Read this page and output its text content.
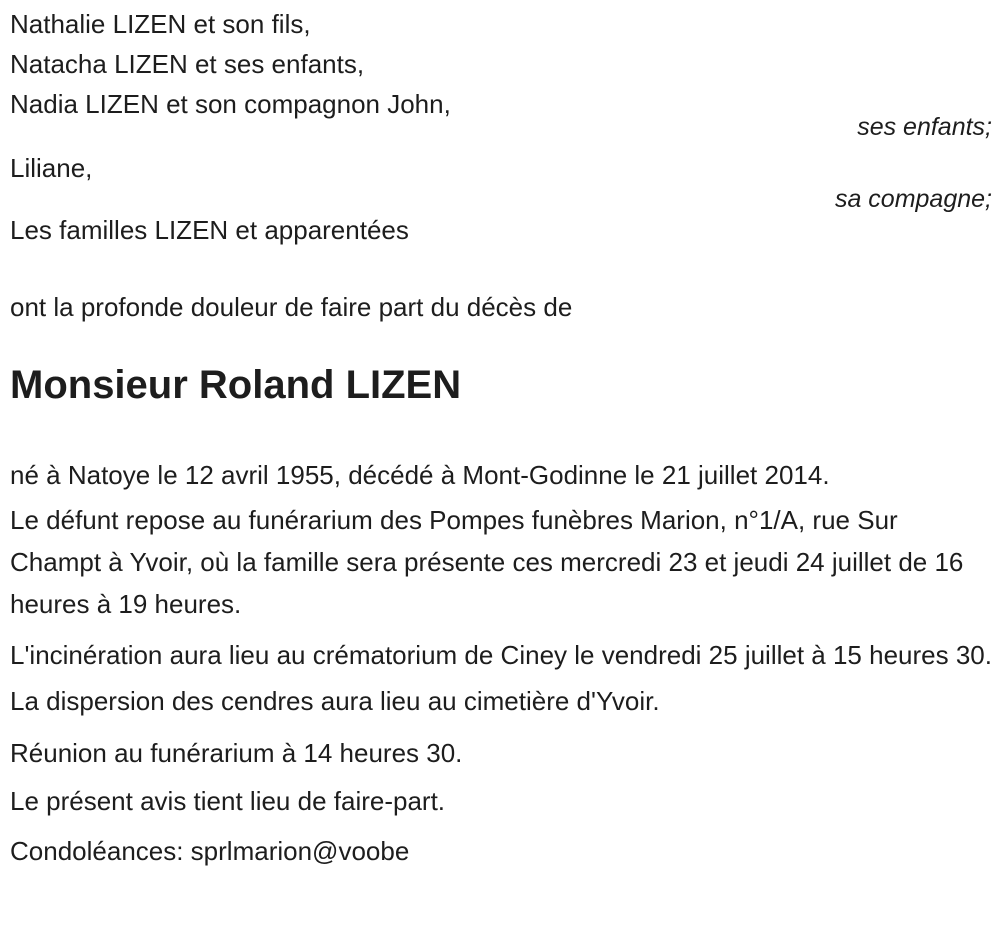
Nathalie LIZEN et son fils,
Natacha LIZEN et ses enfants,
Nadia LIZEN et son compagnon John,
ses enfants;
Liliane,
sa compagne;
Les familles LIZEN et apparentées
ont la profonde douleur de faire part du décès de
Monsieur Roland LIZEN

né à Natoye le 12 avril 1955, décédé à Mont-Godinne le 21 juillet 2014.

Le défunt repose au funérarium des Pompes funèbres Marion, n°1/A, rue Sur Champt à Yvoir, où la famille sera présente ces mercredi 23 et jeudi 24 juillet de 16 heures à 19 heures.

L'incinération aura lieu au crématorium de Ciney le vendredi 25 juillet à 15 heures 30.

La dispersion des cendres aura lieu au cimetière d'Yvoir.

Réunion au funérarium à 14 heures 30.

Le présent avis tient lieu de faire-part.

Condoléances: sprlmarion@voobe
